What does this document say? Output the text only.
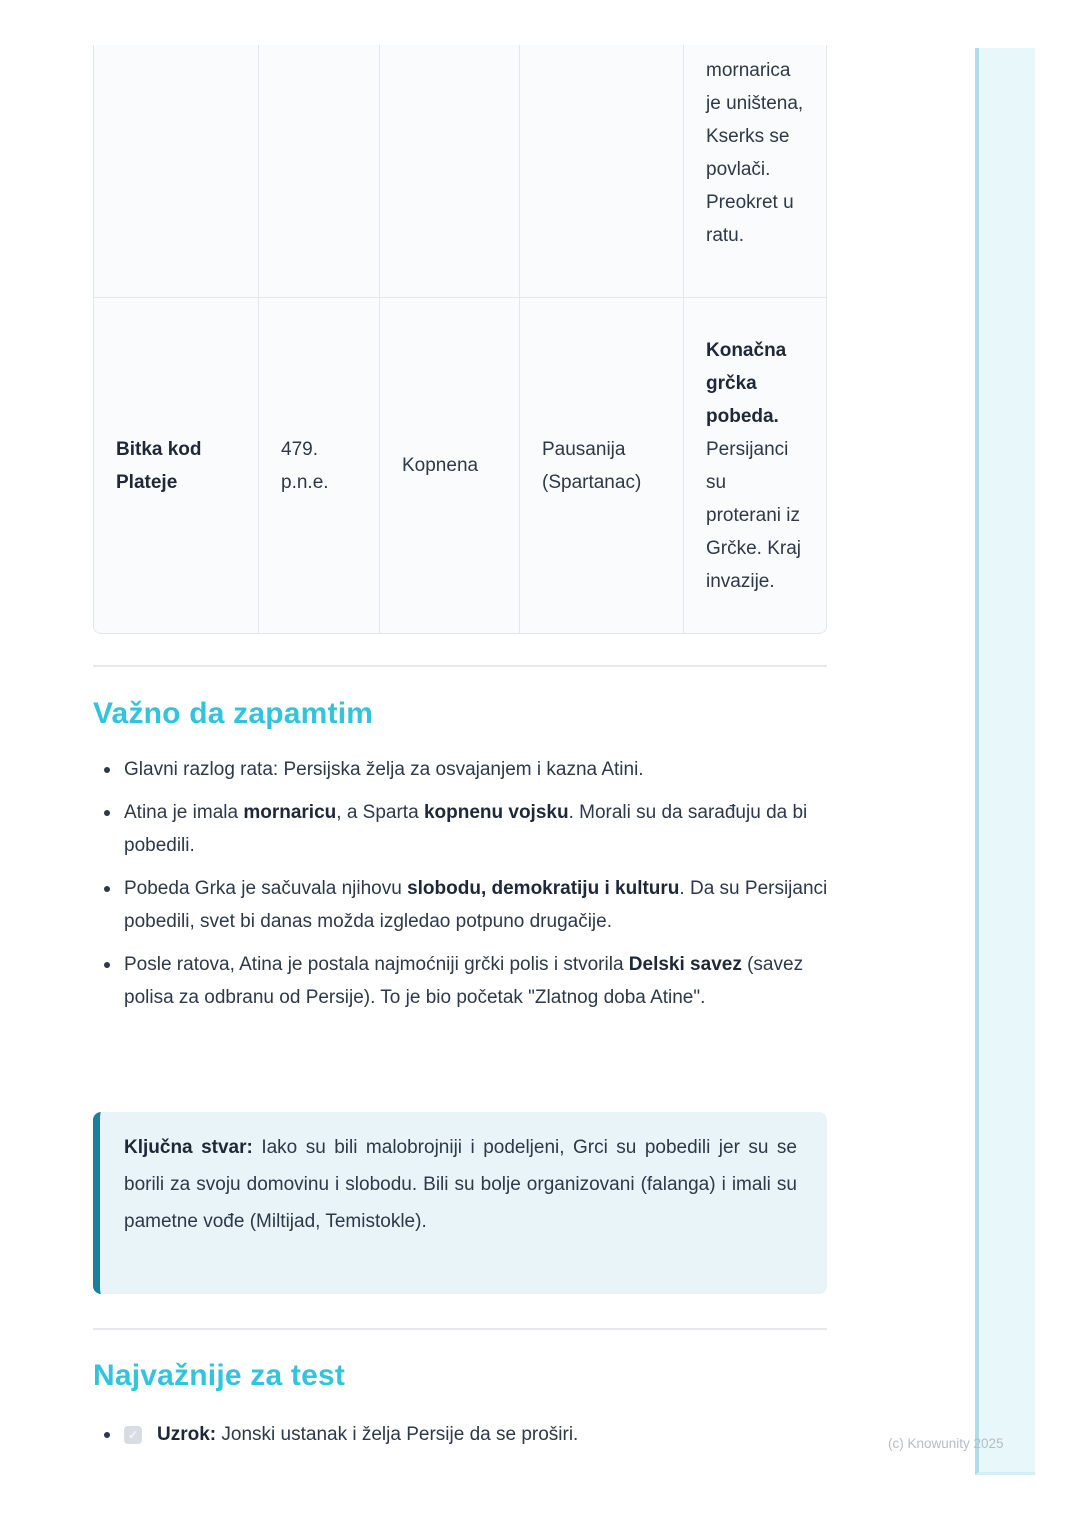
mornarica je uništena, Kserks se povlači. Preokret u ratu.
Bitka kod Plateje
479. p.n.e.
Kopnena
Pausanija (Spartanac)
Konačna grčka pobeda.
Persijanci su proterani iz Grčke. Kraj invazije.
Važno da zapamtim
Glavni razlog rata: Persijska želja za osvajanjem i kazna Atini.
Atina je imala mornaricu, a Sparta kopnenu vojsku. Morali su da sarađuju da bi pobedili.
Pobeda Grka je sačuvala njihovu slobodu, demokratiju i kulturu. Da su Persijanci pobedili, svet bi danas možda izgledao potpuno drugačije.
Posle ratova, Atina je postala najmoćniji grčki polis i stvorila Delski savez (savez polisa za odbranu od Persije). To je bio početak "Zlatnog doba Atine".

Ključna stvar: Iako su bili malobrojniji i podeljeni, Grci su pobedili jer su se borili za svoju domovinu i slobodu. Bili su bolje organizovani (falanga) i imali su pametne vođe (Miltijad, Temistokle).

Najvažnije za test
✓ Uzrok: Jonski ustanak i želja Persije da se proširi.	(c) Knowunity 2025
